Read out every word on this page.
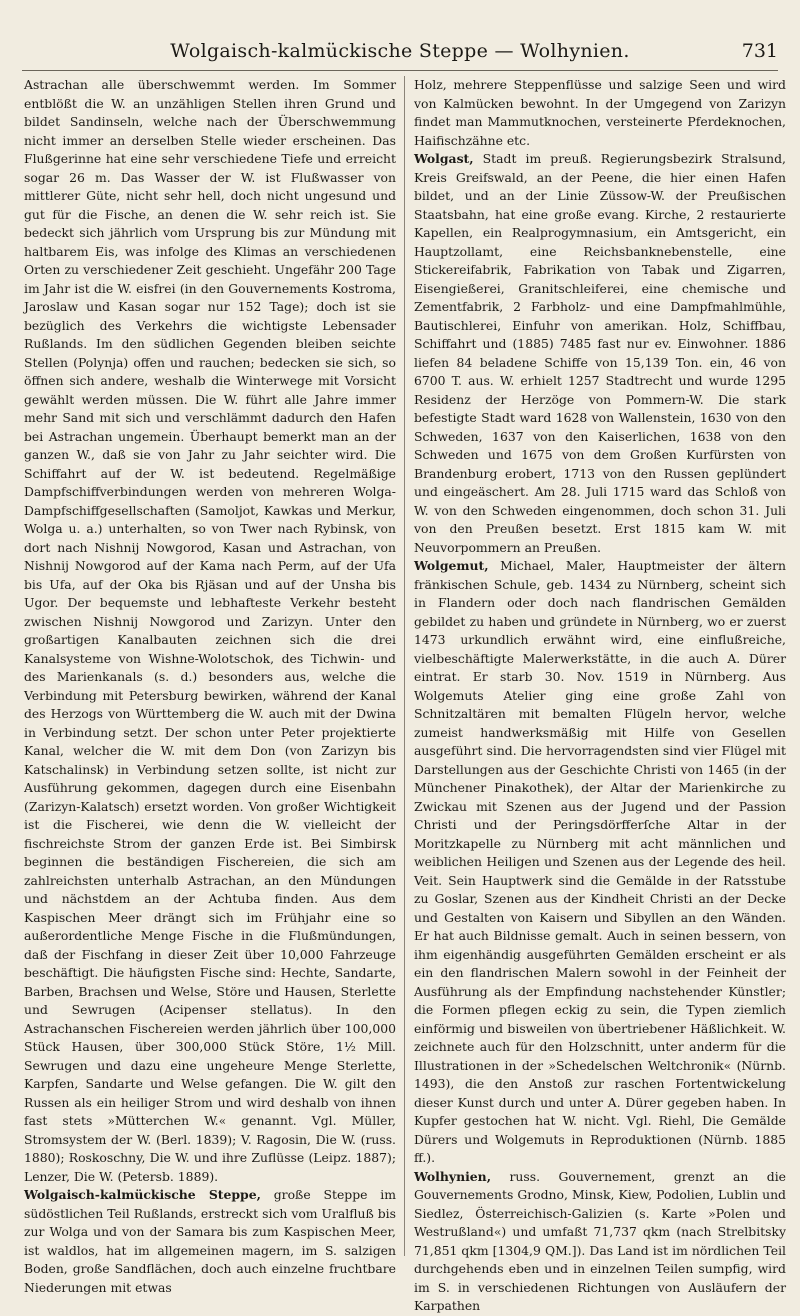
Wolgaisch-kalmückische Steppe — Wolhynien.	731

Astrachan alle überschwemmt werden. Im Sommer entblößt die W. an unzähligen Stellen ihren Grund und bildet Sandinseln, welche nach der Überschwemmung nicht immer an derselben Stelle wieder erscheinen. Das Flußgerinne hat eine sehr verschiedene Tiefe und erreicht sogar 26 m. Das Wasser der W. ist Flußwasser von mittlerer Güte, nicht sehr hell, doch nicht ungesund und gut für die Fische, an denen die W. sehr reich ist. Sie bedeckt sich jährlich vom Ursprung bis zur Mündung mit haltbarem Eis, was infolge des Klimas an verschiedenen Orten zu verschiedener Zeit geschieht. Ungefähr 200 Tage im Jahr ist die W. eisfrei (in den Gouvernements Kostroma, Jaroslaw und Kasan sogar nur 152 Tage); doch ist sie bezüglich des Verkehrs die wichtigste Lebensader Rußlands. Im den südlichen Gegenden bleiben seichte Stellen (Polynja) offen und rauchen; bedecken sie sich, so öffnen sich andere, weshalb die Winterwege mit Vorsicht gewählt werden müssen. Die W. führt alle Jahre immer mehr Sand mit sich und verschlämmt dadurch den Hafen bei Astrachan ungemein. Überhaupt bemerkt man an der ganzen W., daß sie von Jahr zu Jahr seichter wird. Die Schiffahrt auf der W. ist bedeutend. Regelmäßige Dampfschiffverbindungen werden von mehreren Wolga-Dampfschiffgesellschaften (Samoljot, Kawkas und Merkur, Wolga u. a.) unterhalten, so von Twer nach Rybinsk, von dort nach Nishnij Nowgorod, Kasan und Astrachan, von Nishnij Nowgorod auf der Kama nach Perm, auf der Ufa bis Ufa, auf der Oka bis Rjäsan und auf der Unsha bis Ugor. Der bequemste und lebhafteste Verkehr besteht zwischen Nishnij Nowgorod und Zarizyn. Unter den großartigen Kanalbauten zeichnen sich die drei Kanalsysteme von Wishne-Wolotschok, des Tichwin- und des Marienkanals (s. d.) besonders aus, welche die Verbindung mit Petersburg bewirken, während der Kanal des Herzogs von Württemberg die W. auch mit der Dwina in Verbindung setzt. Der schon unter Peter projektierte Kanal, welcher die W. mit dem Don (von Zarizyn bis Katschalinsk) in Verbindung setzen sollte, ist nicht zur Ausführung gekommen, dagegen durch eine Eisenbahn (Zarizyn-Kalatsch) ersetzt worden. Von großer Wichtigkeit ist die Fischerei, wie denn die W. vielleicht der fischreichste Strom der ganzen Erde ist. Bei Simbirsk beginnen die beständigen Fischereien, die sich am zahlreichsten unterhalb Astrachan, an den Mündungen und nächstdem an der Achtuba finden. Aus dem Kaspischen Meer drängt sich im Frühjahr eine so außerordentliche Menge Fische in die Flußmündungen, daß der Fischfang in dieser Zeit über 10,000 Fahrzeuge beschäftigt. Die häufigsten Fische sind: Hechte, Sandarte, Barben, Brachsen und Welse, Störe und Hausen, Sterlette und Sewrugen (Acipenser stellatus). In den Astrachanschen Fischereien werden jährlich über 100,000 Stück Hausen, über 300,000 Stück Störe, 1½ Mill. Sewrugen und dazu eine ungeheure Menge Sterlette, Karpfen, Sandarte und Welse gefangen. Die W. gilt den Russen als ein heiliger Strom und wird deshalb von ihnen fast stets »Mütterchen W.« genannt. Vgl. Müller, Stromsystem der W. (Berl. 1839); V. Ragosin, Die W. (russ. 1880); Roskoschny, Die W. und ihre Zuflüsse (Leipz. 1887); Lenzer, Die W. (Petersb. 1889).

Wolgaisch-kalmückische Steppe, große Steppe im südöstlichen Teil Rußlands, erstreckt sich vom Uralfluß bis zur Wolga und von der Samara bis zum Kaspischen Meer, ist waldlos, hat im allgemeinen magern, im S. salzigen Boden, große Sandflächen, doch auch einzelne fruchtbare Niederungen mit etwas

Holz, mehrere Steppenflüsse und salzige Seen und wird von Kalmücken bewohnt. In der Umgegend von Zarizyn findet man Mammutknochen, versteinerte Pferdeknochen, Haifischzähne etc.

Wolgast, Stadt im preuß. Regierungsbezirk Stralsund, Kreis Greifswald, an der Peene, die hier einen Hafen bildet, und an der Linie Züssow-W. der Preußischen Staatsbahn, hat eine große evang. Kirche, 2 restaurierte Kapellen, ein Realprogymnasium, ein Amtsgericht, ein Hauptzollamt, eine Reichsbanknebenstelle, eine Stickereifabrik, Fabrikation von Tabak und Zigarren, Eisengießerei, Granitschleiferei, eine chemische und Zementfabrik, 2 Farbholz- und eine Dampfmahlmühle, Bautischlerei, Einfuhr von amerikan. Holz, Schiffbau, Schiffahrt und (1885) 7485 fast nur ev. Einwohner. 1886 liefen 84 beladene Schiffe von 15,139 Ton. ein, 46 von 6700 T. aus. W. erhielt 1257 Stadtrecht und wurde 1295 Residenz der Herzöge von Pommern-W. Die stark befestigte Stadt ward 1628 von Wallenstein, 1630 von den Schweden, 1637 von den Kaiserlichen, 1638 von den Schweden und 1675 von dem Großen Kurfürsten von Brandenburg erobert, 1713 von den Russen geplündert und eingeäschert. Am 28. Juli 1715 ward das Schloß von W. von den Schweden eingenommen, doch schon 31. Juli von den Preußen besetzt. Erst 1815 kam W. mit Neuvorpommern an Preußen.

Wolgemut, Michael, Maler, Hauptmeister der ältern fränkischen Schule, geb. 1434 zu Nürnberg, scheint sich in Flandern oder doch nach flandrischen Gemälden gebildet zu haben und gründete in Nürnberg, wo er zuerst 1473 urkundlich erwähnt wird, eine einflußreiche, vielbeschäftigte Malerwerkstätte, in die auch A. Dürer eintrat. Er starb 30. Nov. 1519 in Nürnberg. Aus Wolgemuts Atelier ging eine große Zahl von Schnitzaltären mit bemalten Flügeln hervor, welche zumeist handwerksmäßig mit Hilfe von Gesellen ausgeführt sind. Die hervorragendsten sind vier Flügel mit Darstellungen aus der Geschichte Christi von 1465 (in der Münchener Pinakothek), der Altar der Marienkirche zu Zwickau mit Szenen aus der Jugend und der Passion Christi und der Peringsdörfferſche Altar in der Moritzkapelle zu Nürnberg mit acht männlichen und weiblichen Heiligen und Szenen aus der Legende des heil. Veit. Sein Hauptwerk sind die Gemälde in der Ratsstube zu Goslar, Szenen aus der Kindheit Christi an der Decke und Gestalten von Kaisern und Sibyllen an den Wänden. Er hat auch Bildnisse gemalt. Auch in seinen bessern, von ihm eigenhändig ausgeführten Gemälden erscheint er als ein den flandrischen Malern sowohl in der Feinheit der Ausführung als der Empfindung nachstehender Künstler; die Formen pflegen eckig zu sein, die Typen ziemlich einförmig und bisweilen von übertriebener Häßlichkeit. W. zeichnete auch für den Holzschnitt, unter anderm für die Illustrationen in der »Schedelschen Weltchronik« (Nürnb. 1493), die den Anstoß zur raschen Fortentwickelung dieser Kunst durch und unter A. Dürer gegeben haben. In Kupfer gestochen hat W. nicht. Vgl. Riehl, Die Gemälde Dürers und Wolgemuts in Reproduktionen (Nürnb. 1885 ff.).

Wolhynien, russ. Gouvernement, grenzt an die Gouvernements Grodno, Minsk, Kiew, Podolien, Lublin und Siedlez, Österreichisch-Galizien (s. Karte »Polen und Westrußland«) und umfaßt 71,737 qkm (nach Strelbitsky 71,851 qkm [1304,9 QM.]). Das Land ist im nördlichen Teil durchgehends eben und in einzelnen Teilen sumpfig, wird im S. in verschiedenen Richtungen von Ausläufern der Karpathen
